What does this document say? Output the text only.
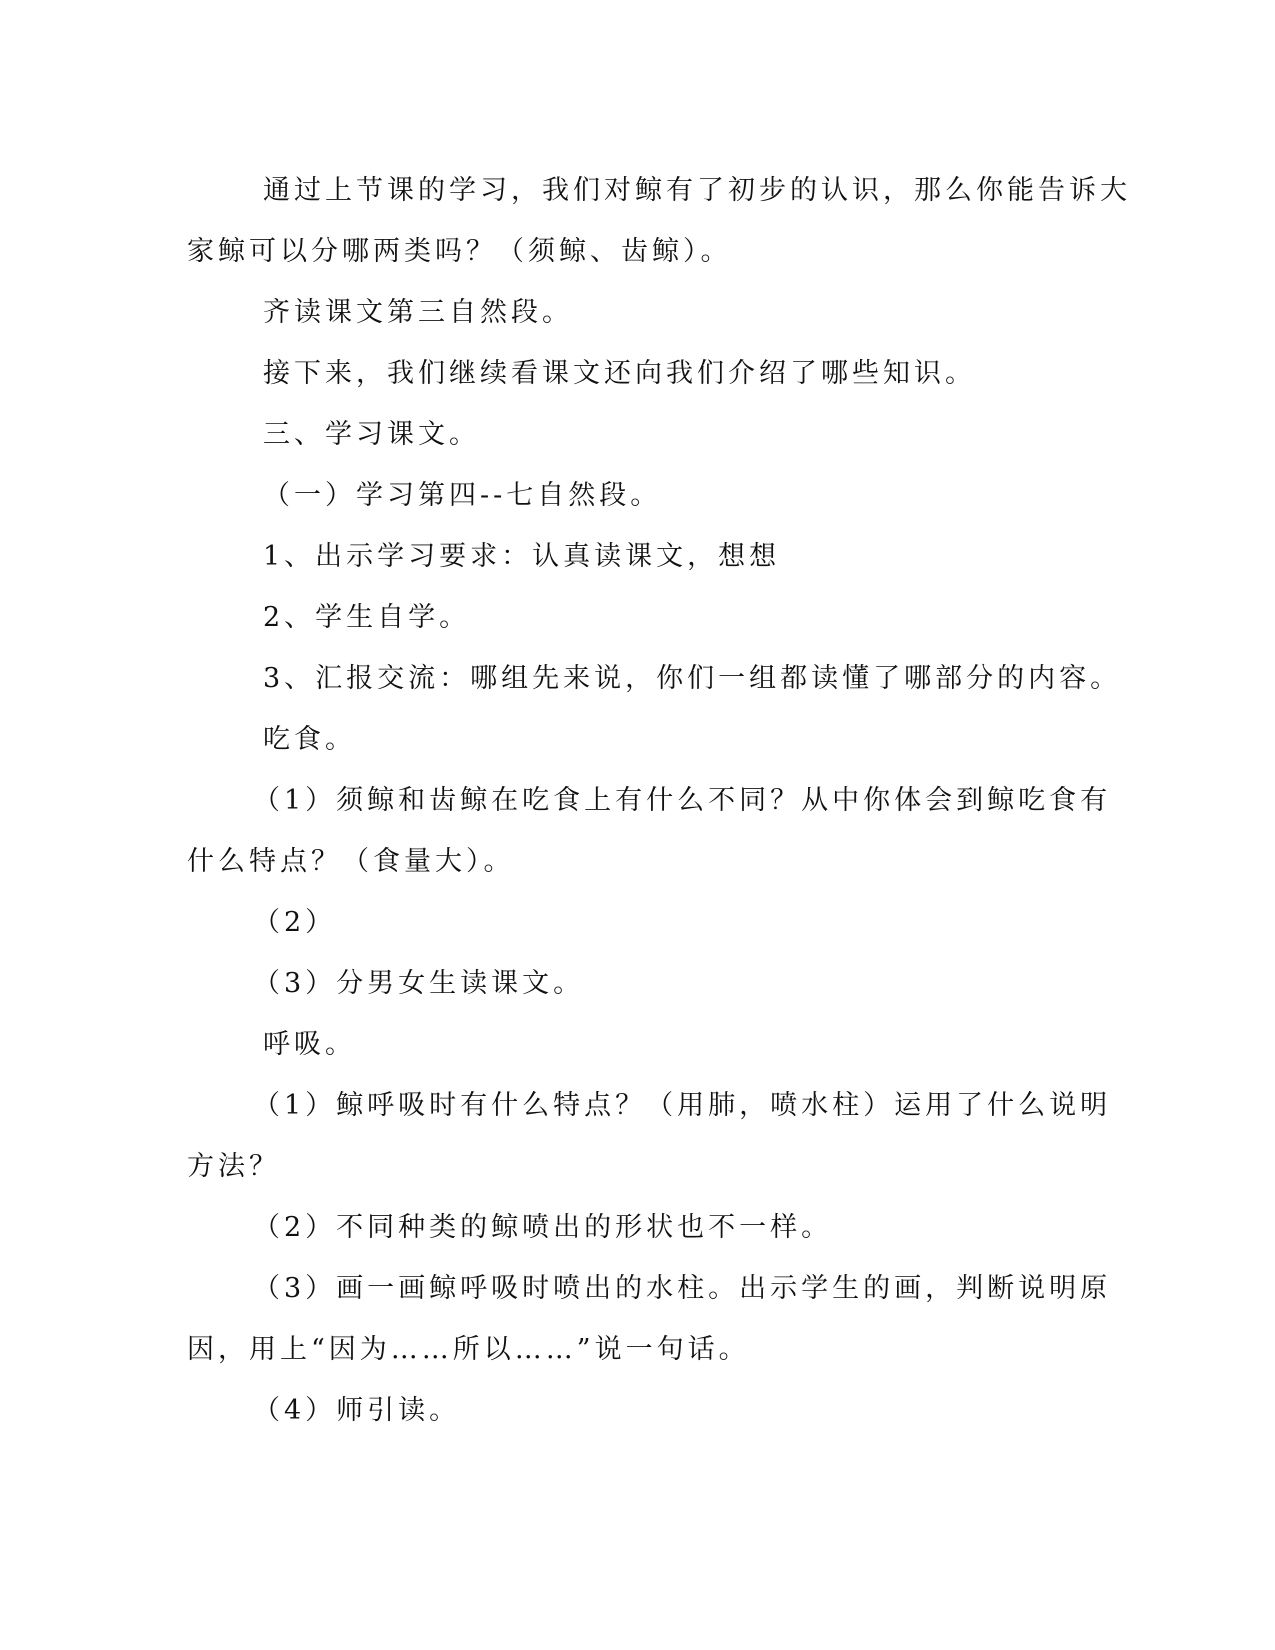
通过上节课的学习，我们对鲸有了初步的认识，那么你能告诉大
家鲸可以分哪两类吗？（须鲸、齿鲸）。
齐读课文第三自然段。
接下来，我们继续看课文还向我们介绍了哪些知识。
三、学习课文。
（一）学习第四--七自然段。
1、出示学习要求：认真读课文，想想
2、学生自学。
3、汇报交流：哪组先来说，你们一组都读懂了哪部分的内容。
吃食。
（1）须鲸和齿鲸在吃食上有什么不同？从中你体会到鲸吃食有
什么特点？（食量大）。
（2）
（3）分男女生读课文。
呼吸。
（1）鲸呼吸时有什么特点？（用肺，喷水柱）运用了什么说明
方法？
（2）不同种类的鲸喷出的形状也不一样。
（3）画一画鲸呼吸时喷出的水柱。出示学生的画，判断说明原
因，用上“因为……所以……”说一句话。
（4）师引读。
